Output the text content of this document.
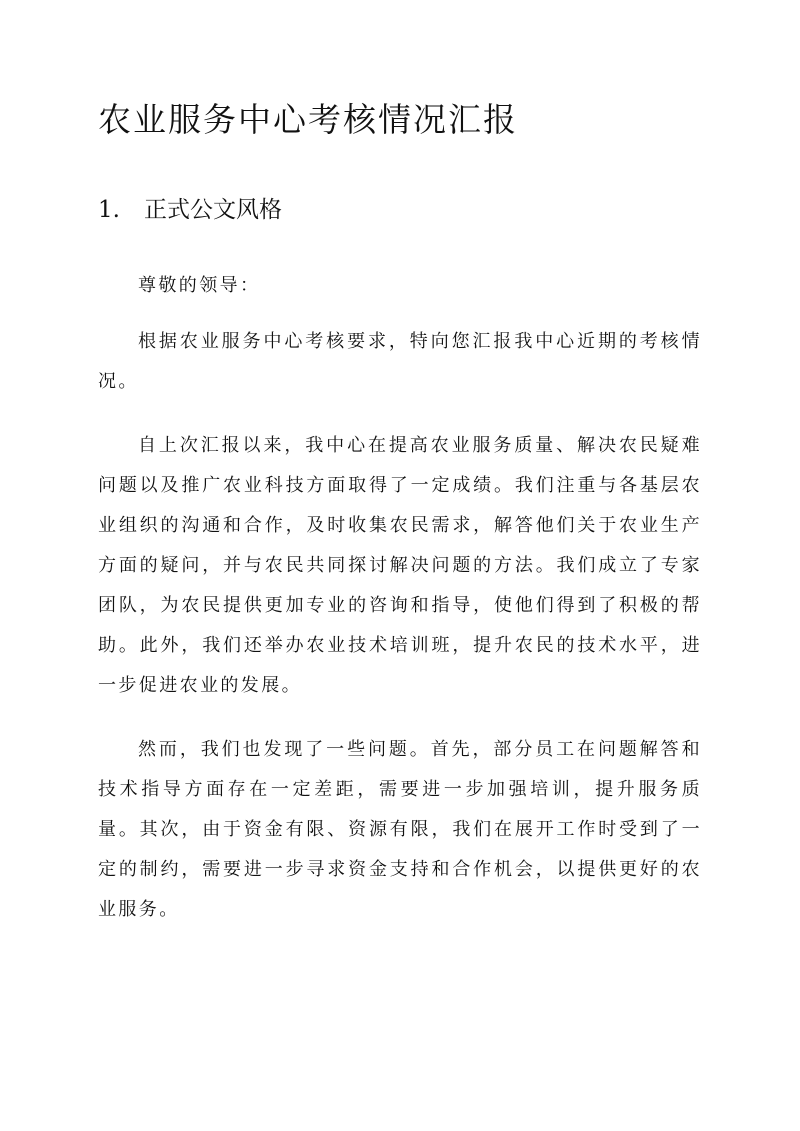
农业服务中心考核情况汇报
1. 正式公文风格

尊敬的领导：

根据农业服务中心考核要求，特向您汇报我中心近期的考核情况。

自上次汇报以来，我中心在提高农业服务质量、解决农民疑难问题以及推广农业科技方面取得了一定成绩。我们注重与各基层农业组织的沟通和合作，及时收集农民需求，解答他们关于农业生产方面的疑问，并与农民共同探讨解决问题的方法。我们成立了专家团队，为农民提供更加专业的咨询和指导，使他们得到了积极的帮助。此外，我们还举办农业技术培训班，提升农民的技术水平，进一步促进农业的发展。

然而，我们也发现了一些问题。首先，部分员工在问题解答和技术指导方面存在一定差距，需要进一步加强培训，提升服务质量。其次，由于资金有限、资源有限，我们在展开工作时受到了一定的制约，需要进一步寻求资金支持和合作机会，以提供更好的农业服务。
